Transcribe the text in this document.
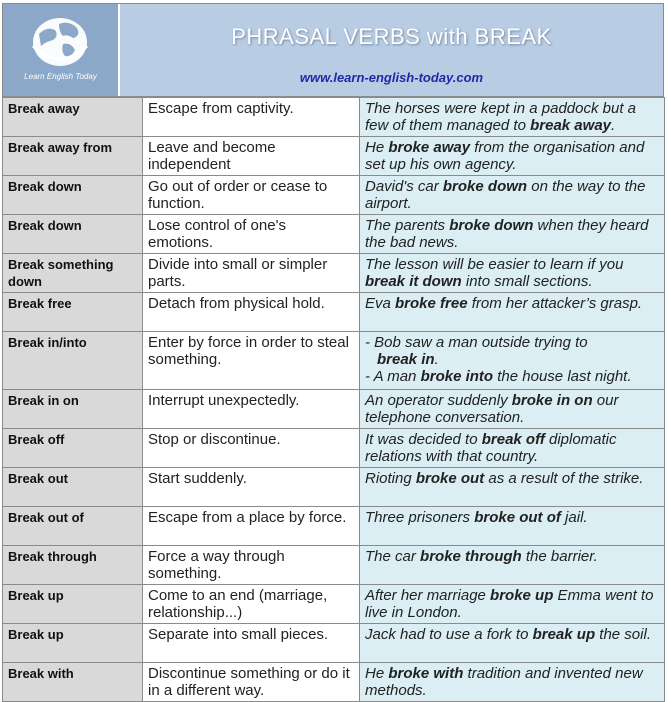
Learn English Today
PHRASAL VERBS with BREAK
www.learn-english-today.com
Break away	Escape from captivity.	The horses were kept in a paddock but a few of them managed to break away.
Break away from	Leave and become independent	He broke away from the organisation and set up his own agency.
Break down	Go out of order or cease to function.	David's car broke down on the way to the airport.
Break down	Lose control of one's emotions.	The parents broke down when they heard the bad news.
Break something down	Divide into small or simpler parts.	The lesson will be easier to learn if you break it down into small sections.
Break free	Detach from physical hold.	Eva broke free from her attacker’s grasp.
Break in/into	Enter by force in order to steal something.	- Bob saw a man outside trying to
break in.
- A man broke into the house last night.

Break in on	Interrupt unexpectedly.	An operator suddenly broke in on our telephone conversation.
Break off	Stop or discontinue.	It was decided to break off diplomatic relations with that country.
Break out	Start suddenly.	Rioting broke out as a result of the strike.
Break out of	Escape from a place by force.	Three prisoners broke out of jail.
Break through	Force a way through something.	The car broke through the barrier.
Break up	Come to an end (marriage, relationship...)	After her marriage broke up Emma went to live in London.
Break up	Separate into small pieces.	Jack had to use a fork to break up the soil.
Break with	Discontinue something or do it in a different way.	He broke with tradition and invented new methods.
